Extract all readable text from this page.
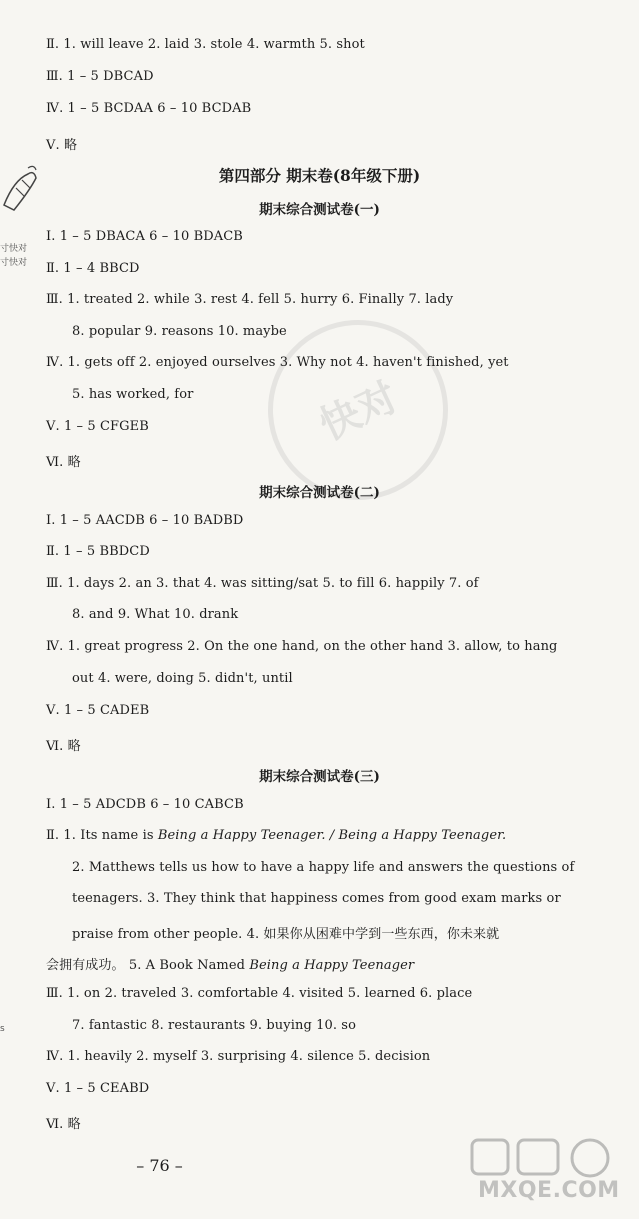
快对
寸快对
寸快对
s
Ⅱ. 1. will leave 2. laid 3. stole 4. warmth 5. shot
Ⅲ. 1 – 5 DBCAD
Ⅳ. 1 – 5 BCDAA 6 – 10 BCDAB
Ⅴ. 略
第四部分 期末卷(8年级下册)
期末综合测试卷(一)
Ⅰ. 1 – 5 DBACA 6 – 10 BDACB
Ⅱ. 1 – 4 BBCD
Ⅲ. 1. treated 2. while 3. rest 4. fell 5. hurry 6. Finally 7. lady
8. popular 9. reasons 10. maybe
Ⅳ. 1. gets off 2. enjoyed ourselves 3. Why not 4. haven't finished, yet
5. has worked, for
Ⅴ. 1 – 5 CFGEB
Ⅵ. 略
期末综合测试卷(二)
Ⅰ. 1 – 5 AACDB 6 – 10 BADBD
Ⅱ. 1 – 5 BBDCD
Ⅲ. 1. days 2. an 3. that 4. was sitting/sat 5. to fill 6. happily 7. of
8. and 9. What 10. drank
Ⅳ. 1. great progress 2. On the one hand, on the other hand 3. allow, to hang
out 4. were, doing 5. didn't, until
Ⅴ. 1 – 5 CADEB
Ⅵ. 略
期末综合测试卷(三)
Ⅰ. 1 – 5 ADCDB 6 – 10 CABCB
Ⅱ. 1. Its name is Being a Happy Teenager. / Being a Happy Teenager.
2. Matthews tells us how to have a happy life and answers the questions of
teenagers. 3. They think that happiness comes from good exam marks or
praise from other people. 4. 如果你从困难中学到一些东西，你未来就
会拥有成功。 5. A Book Named Being a Happy Teenager
Ⅲ. 1. on 2. traveled 3. comfortable 4. visited 5. learned 6. place
7. fantastic 8. restaurants 9. buying 10. so
Ⅳ. 1. heavily 2. myself 3. surprising 4. silence 5. decision
Ⅴ. 1 – 5 CEABD
Ⅵ. 略
– 76 –
MXQE.COM
